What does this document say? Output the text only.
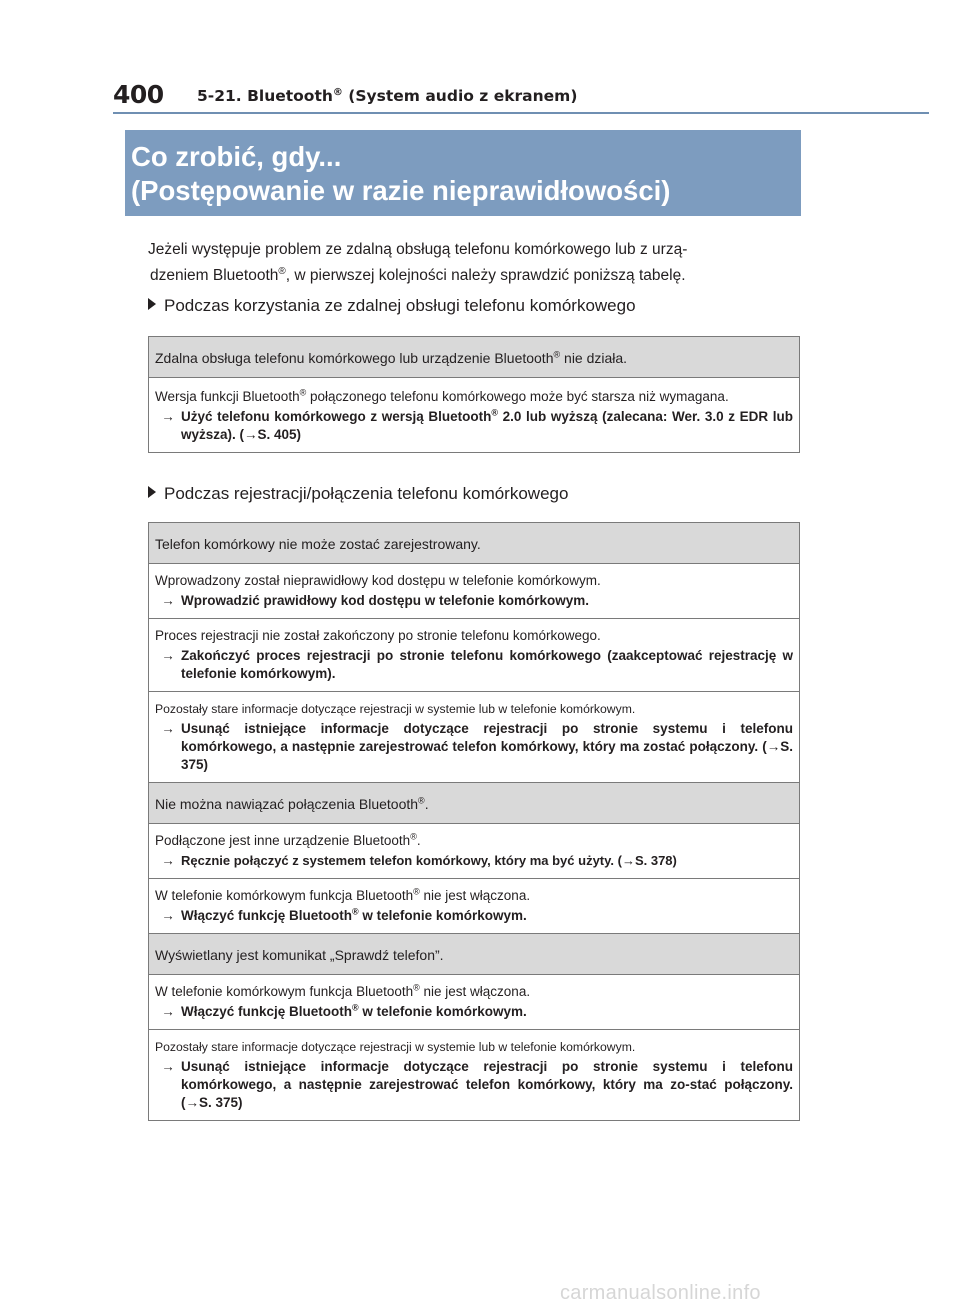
400 5-21. Bluetooth® (System audio z ekranem)
Co zrobić, gdy...
(Postępowanie w razie nieprawidłowości)
Jeżeli występuje problem ze zdalną obsługą telefonu komórkowego lub z urzą-
dzeniem Bluetooth®, w pierwszej kolejności należy sprawdzić poniższą tabelę.
Podczas korzystania ze zdalnej obsługi telefonu komórkowego
Zdalna obsługa telefonu komórkowego lub urządzenie Bluetooth® nie działa.
Wersja funkcji Bluetooth® połączonego telefonu komórkowego może być starsza niż wymagana.
→ Użyć telefonu komórkowego z wersją Bluetooth® 2.0 lub wyższą (zalecana: Wer. 3.0 z EDR lub wyższa). (→S. 405)
Podczas rejestracji/połączenia telefonu komórkowego
Telefon komórkowy nie może zostać zarejestrowany.
Wprowadzony został nieprawidłowy kod dostępu w telefonie komórkowym.
→ Wprowadzić prawidłowy kod dostępu w telefonie komórkowym.
Proces rejestracji nie został zakończony po stronie telefonu komórkowego.
→ Zakończyć proces rejestracji po stronie telefonu komórkowego (zaakceptować rejestrację w telefonie komórkowym).
Pozostały stare informacje dotyczące rejestracji w systemie lub w telefonie komórkowym.
→ Usunąć istniejące informacje dotyczące rejestracji po stronie systemu i telefonu komórkowego, a następnie zarejestrować telefon komórkowy, który ma zostać połączony. (→S. 375)
Nie można nawiązać połączenia Bluetooth®.
Podłączone jest inne urządzenie Bluetooth®.
→ Ręcznie połączyć z systemem telefon komórkowy, który ma być użyty. (→S. 378)
W telefonie komórkowym funkcja Bluetooth® nie jest włączona.
→ Włączyć funkcję Bluetooth® w telefonie komórkowym.
Wyświetlany jest komunikat „Sprawdź telefon”.
W telefonie komórkowym funkcja Bluetooth® nie jest włączona.
→ Włączyć funkcję Bluetooth® w telefonie komórkowym.
Pozostały stare informacje dotyczące rejestracji w systemie lub w telefonie komórkowym.
→ Usunąć istniejące informacje dotyczące rejestracji po stronie systemu i telefonu komórkowego, a następnie zarejestrować telefon komórkowy, który ma zo-stać połączony. (→S. 375)
carmanualsonline.info
